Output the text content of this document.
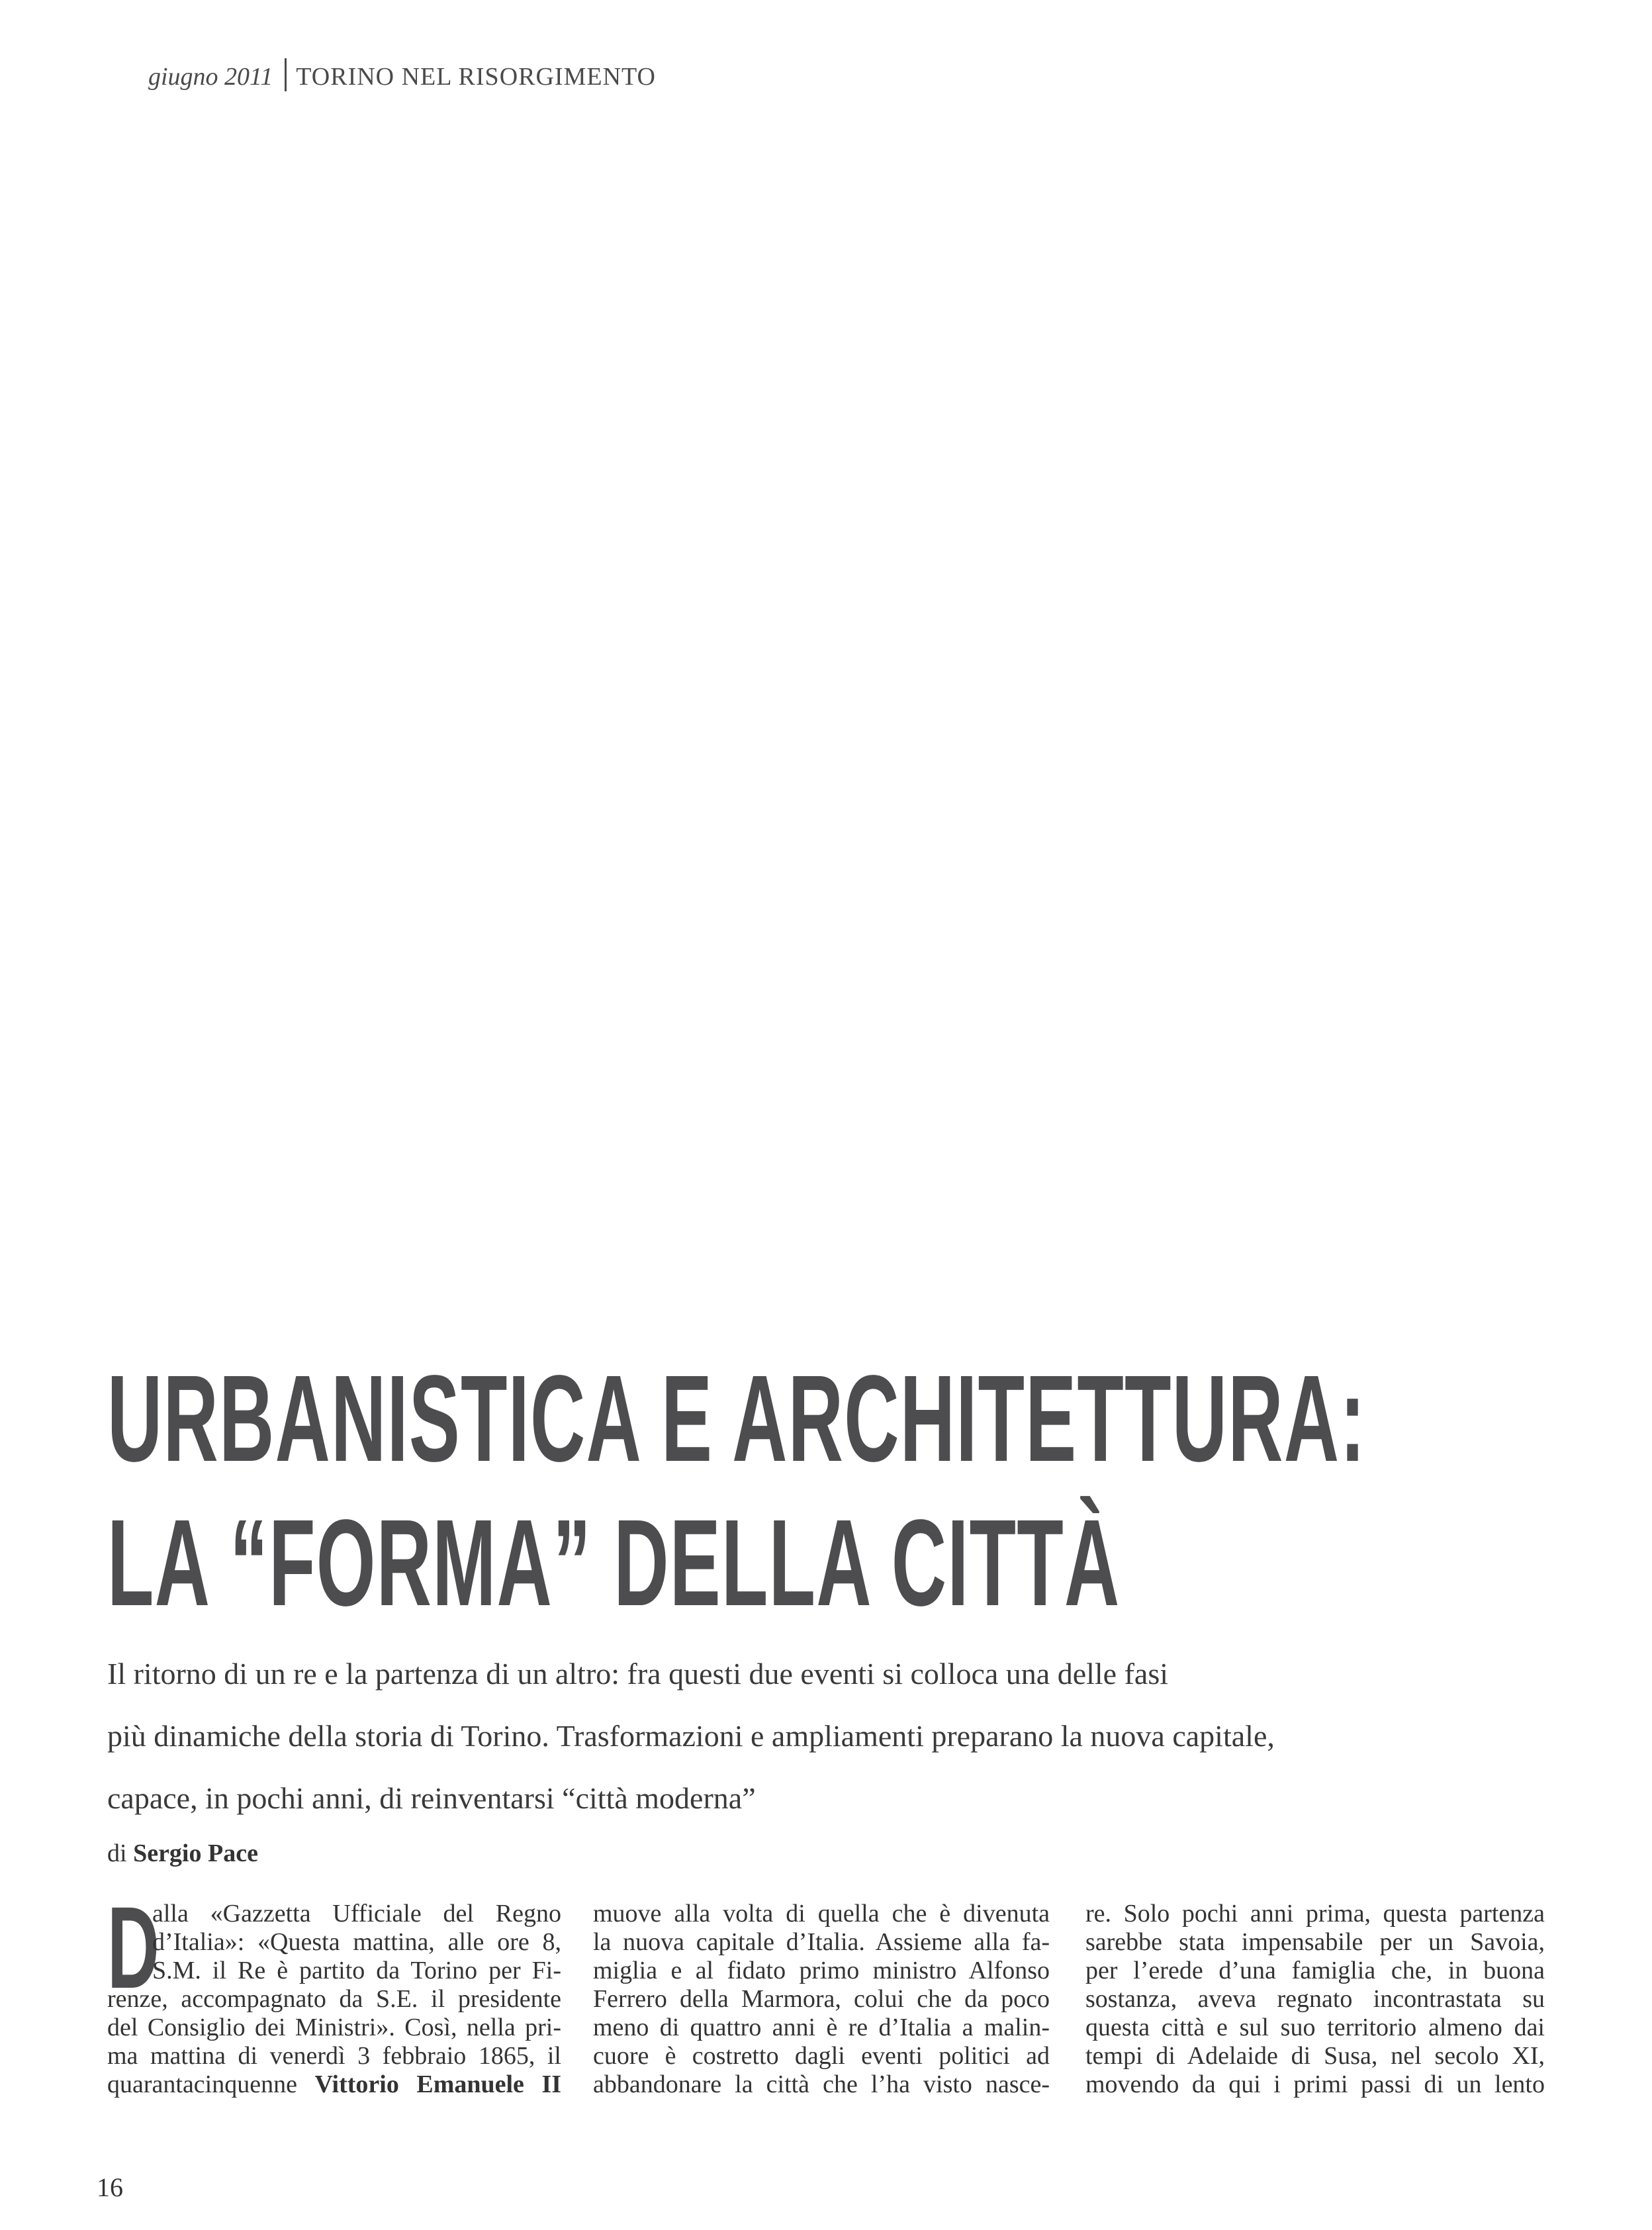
giugno 2011 TORINO NEL RISORGIMENTO
URBANISTICA E ARCHITETTURA:
LA “FORMA” DELLA CITTÀ
Il ritorno di un re e la partenza di un altro: fra questi due eventi si colloca una delle fasi
più dinamiche della storia di Torino. Trasformazioni e ampliamenti preparano la nuova capitale,
capace, in pochi anni, di reinventarsi “città moderna”
di Sergio Pace
D
alla «Gazzetta Ufficiale del Regno
d’Italia»: «Questa mattina, alle ore 8,
S.M. il Re è partito da Torino per Fi-
renze, accompagnato da S.E. il presidente
del Consiglio dei Ministri». Così, nella pri-
ma mattina di venerdì 3 febbraio 1865, il
quarantacinquenne Vittorio Emanuele II
muove alla volta di quella che è divenuta
la nuova capitale d’Italia. Assieme alla fa-
miglia e al fidato primo ministro Alfonso
Ferrero della Marmora, colui che da poco
meno di quattro anni è re d’Italia a malin-
cuore è costretto dagli eventi politici ad
abbandonare la città che l’ha visto nasce-
re. Solo pochi anni prima, questa partenza
sarebbe stata impensabile per un Savoia,
per l’erede d’una famiglia che, in buona
sostanza, aveva regnato incontrastata su
questa città e sul suo territorio almeno dai
tempi di Adelaide di Susa, nel secolo XI,
movendo da qui i primi passi di un lento
16
